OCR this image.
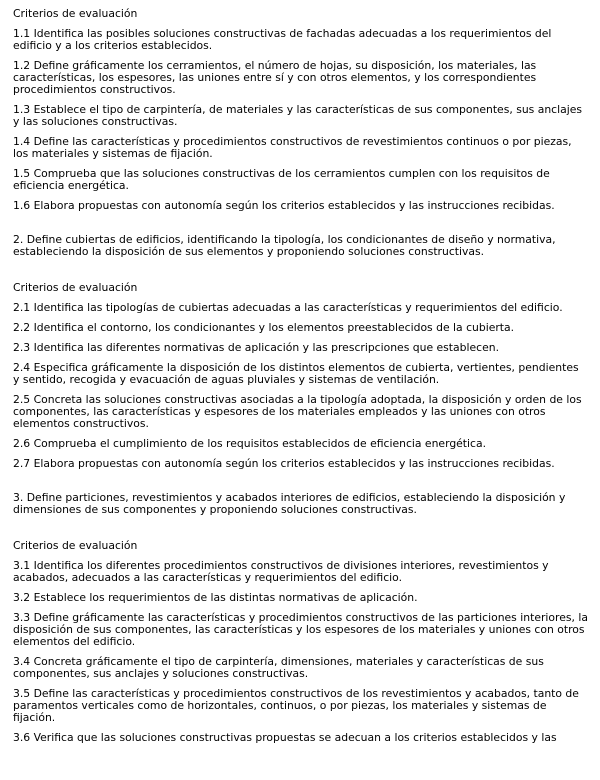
Criterios de evaluación

1.1 Identifica las posibles soluciones constructivas de fachadas adecuadas a los requerimientos del edificio y a los criterios establecidos.

1.2 Define gráficamente los cerramientos, el número de hojas, su disposición, los materiales, las características, los espesores, las uniones entre sí y con otros elementos, y los correspondientes procedimientos constructivos.

1.3 Establece el tipo de carpintería, de materiales y las características de sus componentes, sus anclajes y las soluciones constructivas.

1.4 Define las características y procedimientos constructivos de revestimientos continuos o por piezas, los materiales y sistemas de fijación.

1.5 Comprueba que las soluciones constructivas de los cerramientos cumplen con los requisitos de eficiencia energética.

1.6 Elabora propuestas con autonomía según los criterios establecidos y las instrucciones recibidas.

2. Define cubiertas de edificios, identificando la tipología, los condicionantes de diseño y normativa, estableciendo la disposición de sus elementos y proponiendo soluciones constructivas.

Criterios de evaluación

2.1 Identifica las tipologías de cubiertas adecuadas a las características y requerimientos del edificio.

2.2 Identifica el contorno, los condicionantes y los elementos preestablecidos de la cubierta.

2.3 Identifica las diferentes normativas de aplicación y las prescripciones que establecen.

2.4 Especifica gráficamente la disposición de los distintos elementos de cubierta, vertientes, pendientes y sentido, recogida y evacuación de aguas pluviales y sistemas de ventilación.

2.5 Concreta las soluciones constructivas asociadas a la tipología adoptada, la disposición y orden de los componentes, las características y espesores de los materiales empleados y las uniones con otros elementos constructivos.

2.6 Comprueba el cumplimiento de los requisitos establecidos de eficiencia energética.

2.7 Elabora propuestas con autonomía según los criterios establecidos y las instrucciones recibidas.

3. Define particiones, revestimientos y acabados interiores de edificios, estableciendo la disposición y dimensiones de sus componentes y proponiendo soluciones constructivas.

Criterios de evaluación

3.1 Identifica los diferentes procedimientos constructivos de divisiones interiores, revestimientos y acabados, adecuados a las características y requerimientos del edificio.

3.2 Establece los requerimientos de las distintas normativas de aplicación.

3.3 Define gráficamente las características y procedimientos constructivos de las particiones interiores, la disposición de sus componentes, las características y los espesores de los materiales y uniones con otros elementos del edificio.

3.4 Concreta gráficamente el tipo de carpintería, dimensiones, materiales y características de sus componentes, sus anclajes y soluciones constructivas.

3.5 Define las características y procedimientos constructivos de los revestimientos y acabados, tanto de paramentos verticales como de horizontales, continuos, o por piezas, los materiales y sistemas de fijación.

3.6 Verifica que las soluciones constructivas propuestas se adecuan a los criterios establecidos y las
